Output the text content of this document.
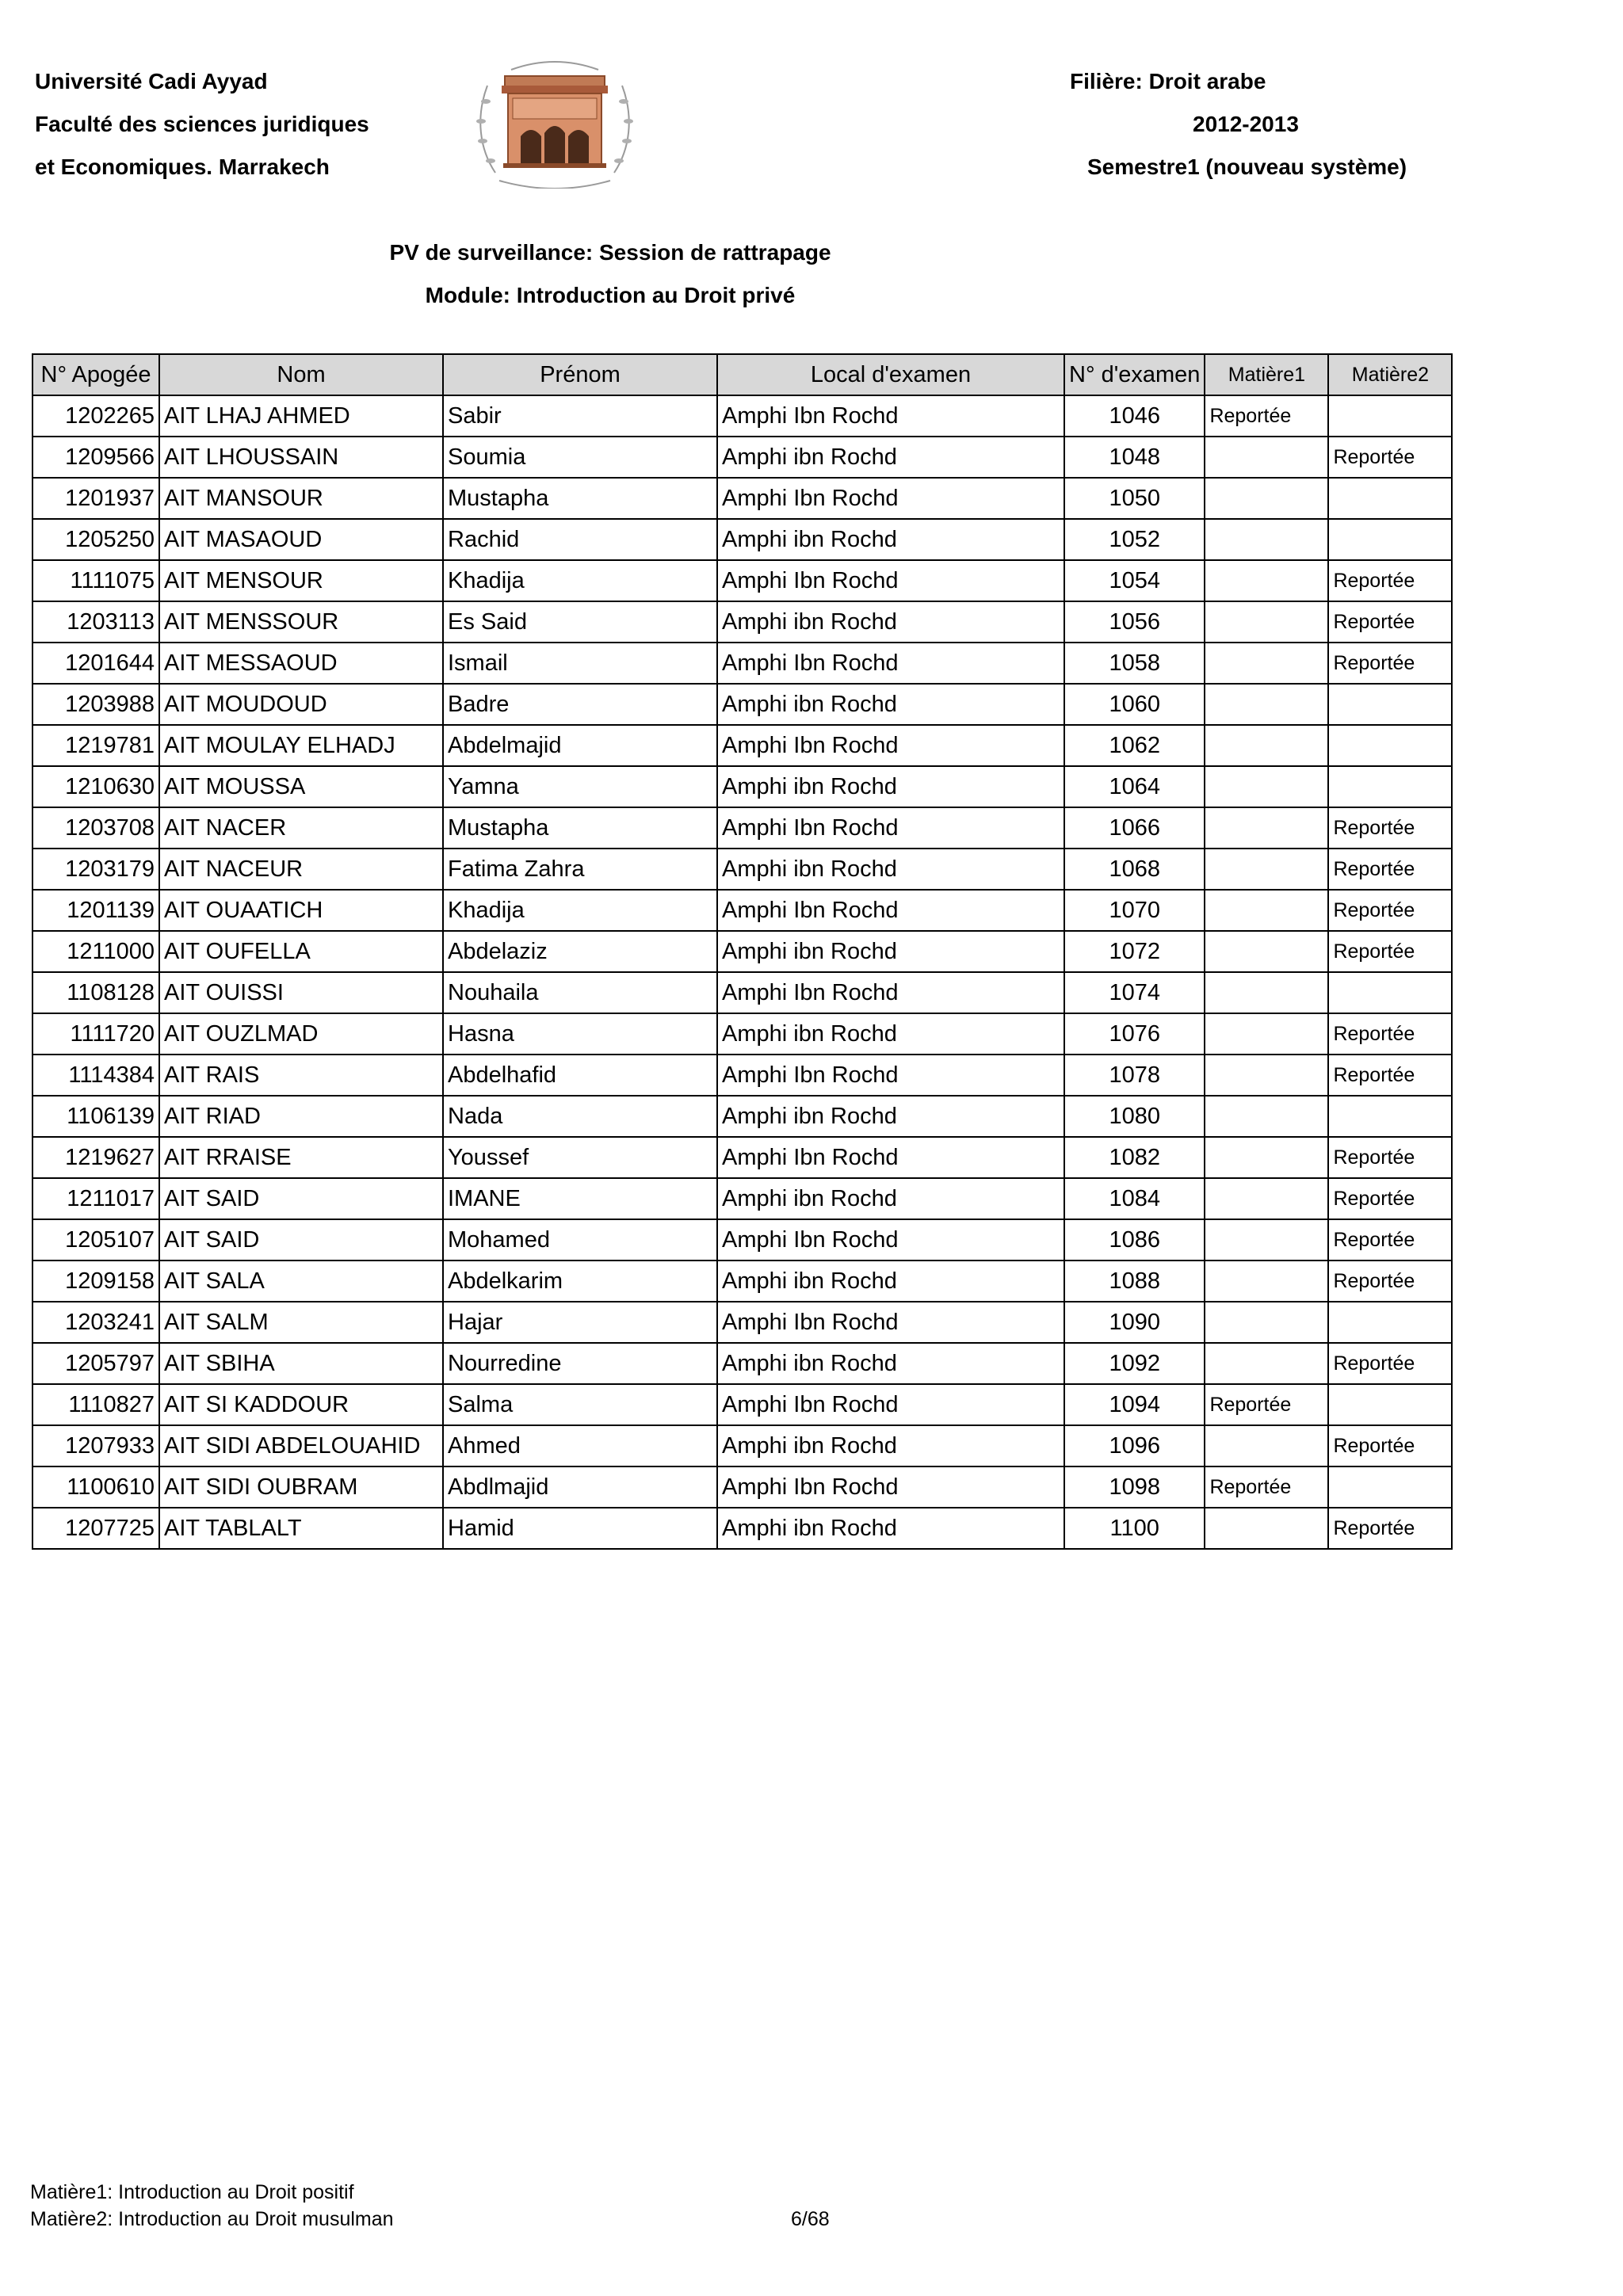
Université Cadi Ayyad
Faculté des sciences juridiques
et Economiques. Marrakech
Filière: Droit arabe
2012-2013
Semestre1 (nouveau système)
PV de surveillance: Session de rattrapage
Module: Introduction au Droit privé
N° Apogée	Nom	Prénom	Local d'examen	N° d'examen	Matière1	Matière2
1202265	AIT LHAJ AHMED	Sabir	Amphi Ibn Rochd	1046	Reportée	
1209566	AIT LHOUSSAIN	Soumia	Amphi ibn Rochd	1048		Reportée
1201937	AIT MANSOUR	Mustapha	Amphi Ibn Rochd	1050		
1205250	AIT MASAOUD	Rachid	Amphi ibn Rochd	1052		
1111075	AIT MENSOUR	Khadija	Amphi Ibn Rochd	1054		Reportée
1203113	AIT MENSSOUR	Es Said	Amphi ibn Rochd	1056		Reportée
1201644	AIT MESSAOUD	Ismail	Amphi Ibn Rochd	1058		Reportée
1203988	AIT MOUDOUD	Badre	Amphi ibn Rochd	1060		
1219781	AIT MOULAY ELHADJ	Abdelmajid	Amphi Ibn Rochd	1062		
1210630	AIT MOUSSA	Yamna	Amphi ibn Rochd	1064		
1203708	AIT NACER	Mustapha	Amphi Ibn Rochd	1066		Reportée
1203179	AIT NACEUR	Fatima Zahra	Amphi ibn Rochd	1068		Reportée
1201139	AIT OUAATICH	Khadija	Amphi Ibn Rochd	1070		Reportée
1211000	AIT OUFELLA	Abdelaziz	Amphi ibn Rochd	1072		Reportée
1108128	AIT OUISSI	Nouhaila	Amphi Ibn Rochd	1074		
1111720	AIT OUZLMAD	Hasna	Amphi ibn Rochd	1076		Reportée
1114384	AIT RAIS	Abdelhafid	Amphi Ibn Rochd	1078		Reportée
1106139	AIT RIAD	Nada	Amphi ibn Rochd	1080		
1219627	AIT RRAISE	Youssef	Amphi Ibn Rochd	1082		Reportée
1211017	AIT SAID	IMANE	Amphi ibn Rochd	1084		Reportée
1205107	AIT SAID	Mohamed	Amphi Ibn Rochd	1086		Reportée
1209158	AIT SALA	Abdelkarim	Amphi ibn Rochd	1088		Reportée
1203241	AIT SALM	Hajar	Amphi Ibn Rochd	1090		
1205797	AIT SBIHA	Nourredine	Amphi ibn Rochd	1092		Reportée
1110827	AIT SI KADDOUR	Salma	Amphi Ibn Rochd	1094	Reportée	
1207933	AIT SIDI ABDELOUAHID	Ahmed	Amphi ibn Rochd	1096		Reportée
1100610	AIT SIDI OUBRAM	Abdlmajid	Amphi Ibn Rochd	1098	Reportée	
1207725	AIT TABLALT	Hamid	Amphi ibn Rochd	1100		Reportée
Matière1: Introduction au Droit positif
Matière2: Introduction au Droit musulman	6/68
